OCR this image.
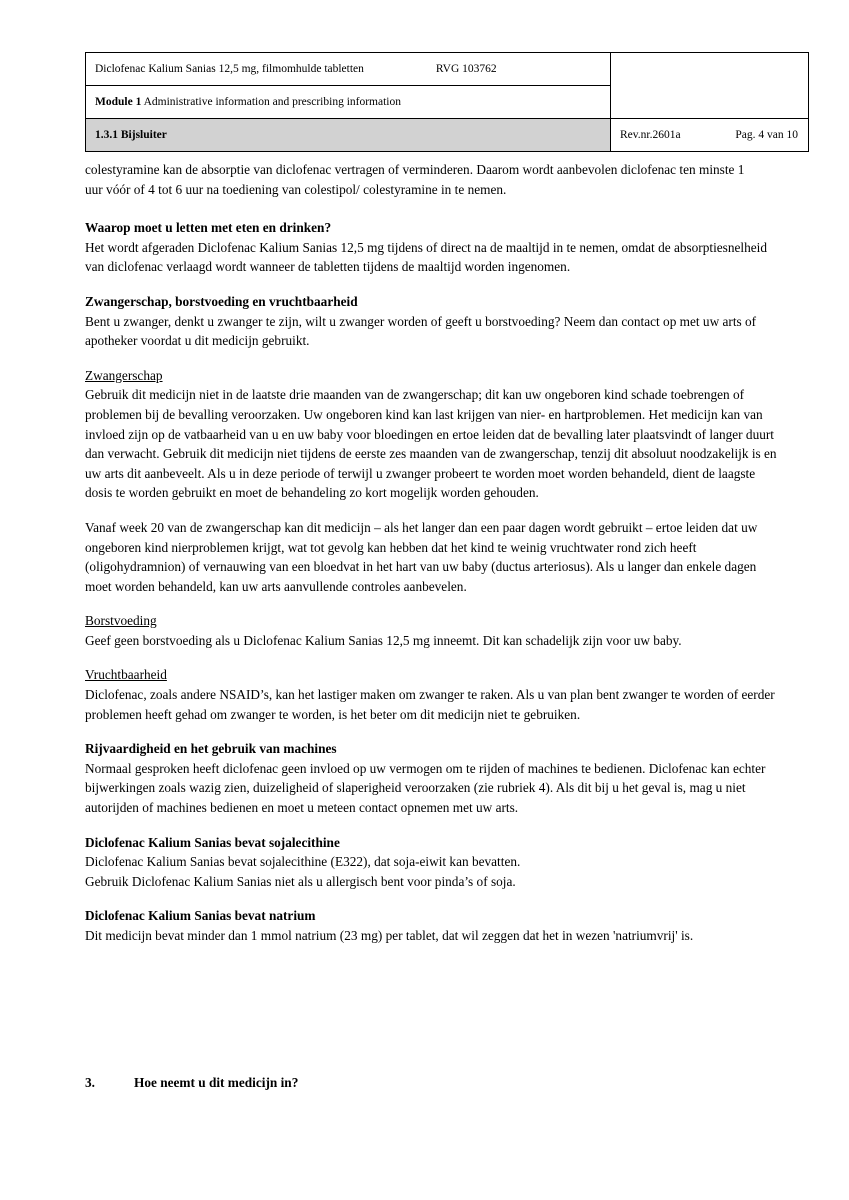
Diclofenac Kalium Sanias 12,5 mg, filmomhulde tabletten RVG 103762	

Module 1 Administrative information and prescribing information	
1.3.1 Bijsluiter	Rev.nr.2601a Pag. 4 van 10

colestyramine kan de absorptie van diclofenac vertragen of verminderen. Daarom wordt aanbevolen diclofenac ten minste 1 uur vóór of 4 tot 6 uur na toediening van colestipol/ colestyramine in te nemen.

Waarop moet u letten met eten en drinken?

Het wordt afgeraden Diclofenac Kalium Sanias 12,5 mg tijdens of direct na de maaltijd in te nemen, omdat de absorptiesnelheid van diclofenac verlaagd wordt wanneer de tabletten tijdens de maaltijd worden ingenomen.

Zwangerschap, borstvoeding en vruchtbaarheid

Bent u zwanger, denkt u zwanger te zijn, wilt u zwanger worden of geeft u borstvoeding? Neem dan contact op met uw arts of apotheker voordat u dit medicijn gebruikt.

Zwangerschap

Gebruik dit medicijn niet in de laatste drie maanden van de zwangerschap; dit kan uw ongeboren kind schade toebrengen of problemen bij de bevalling veroorzaken. Uw ongeboren kind kan last krijgen van nier- en hartproblemen. Het medicijn kan van invloed zijn op de vatbaarheid van u en uw baby voor bloedingen en ertoe leiden dat de bevalling later plaatsvindt of langer duurt dan verwacht. Gebruik dit medicijn niet tijdens de eerste zes maanden van de zwangerschap, tenzij dit absoluut noodzakelijk is en uw arts dit aanbeveelt. Als u in deze periode of terwijl u zwanger probeert te worden moet worden behandeld, dient de laagste dosis te worden gebruikt en moet de behandeling zo kort mogelijk worden gehouden.

Vanaf week 20 van de zwangerschap kan dit medicijn – als het langer dan een paar dagen wordt gebruikt – ertoe leiden dat uw ongeboren kind nierproblemen krijgt, wat tot gevolg kan hebben dat het kind te weinig vruchtwater rond zich heeft (oligohydramnion) of vernauwing van een bloedvat in het hart van uw baby (ductus arteriosus). Als u langer dan enkele dagen moet worden behandeld, kan uw arts aanvullende controles aanbevelen.

Borstvoeding

Geef geen borstvoeding als u Diclofenac Kalium Sanias 12,5 mg inneemt. Dit kan schadelijk zijn voor uw baby.

Vruchtbaarheid

Diclofenac, zoals andere NSAID’s, kan het lastiger maken om zwanger te raken. Als u van plan bent zwanger te worden of eerder problemen heeft gehad om zwanger te worden, is het beter om dit medicijn niet te gebruiken.

Rijvaardigheid en het gebruik van machines

Normaal gesproken heeft diclofenac geen invloed op uw vermogen om te rijden of machines te bedienen. Diclofenac kan echter bijwerkingen zoals wazig zien, duizeligheid of slaperigheid veroorzaken (zie rubriek 4). Als dit bij u het geval is, mag u niet autorijden of machines bedienen en moet u meteen contact opnemen met uw arts.

Diclofenac Kalium Sanias bevat sojalecithine

Diclofenac Kalium Sanias bevat sojalecithine (E322), dat soja-eiwit kan bevatten.

Gebruik Diclofenac Kalium Sanias niet als u allergisch bent voor pinda’s of soja.

Diclofenac Kalium Sanias bevat natrium

Dit medicijn bevat minder dan 1 mmol natrium (23 mg) per tablet, dat wil zeggen dat het in wezen 'natriumvrij' is.

3.	Hoe neemt u dit medicijn in?
